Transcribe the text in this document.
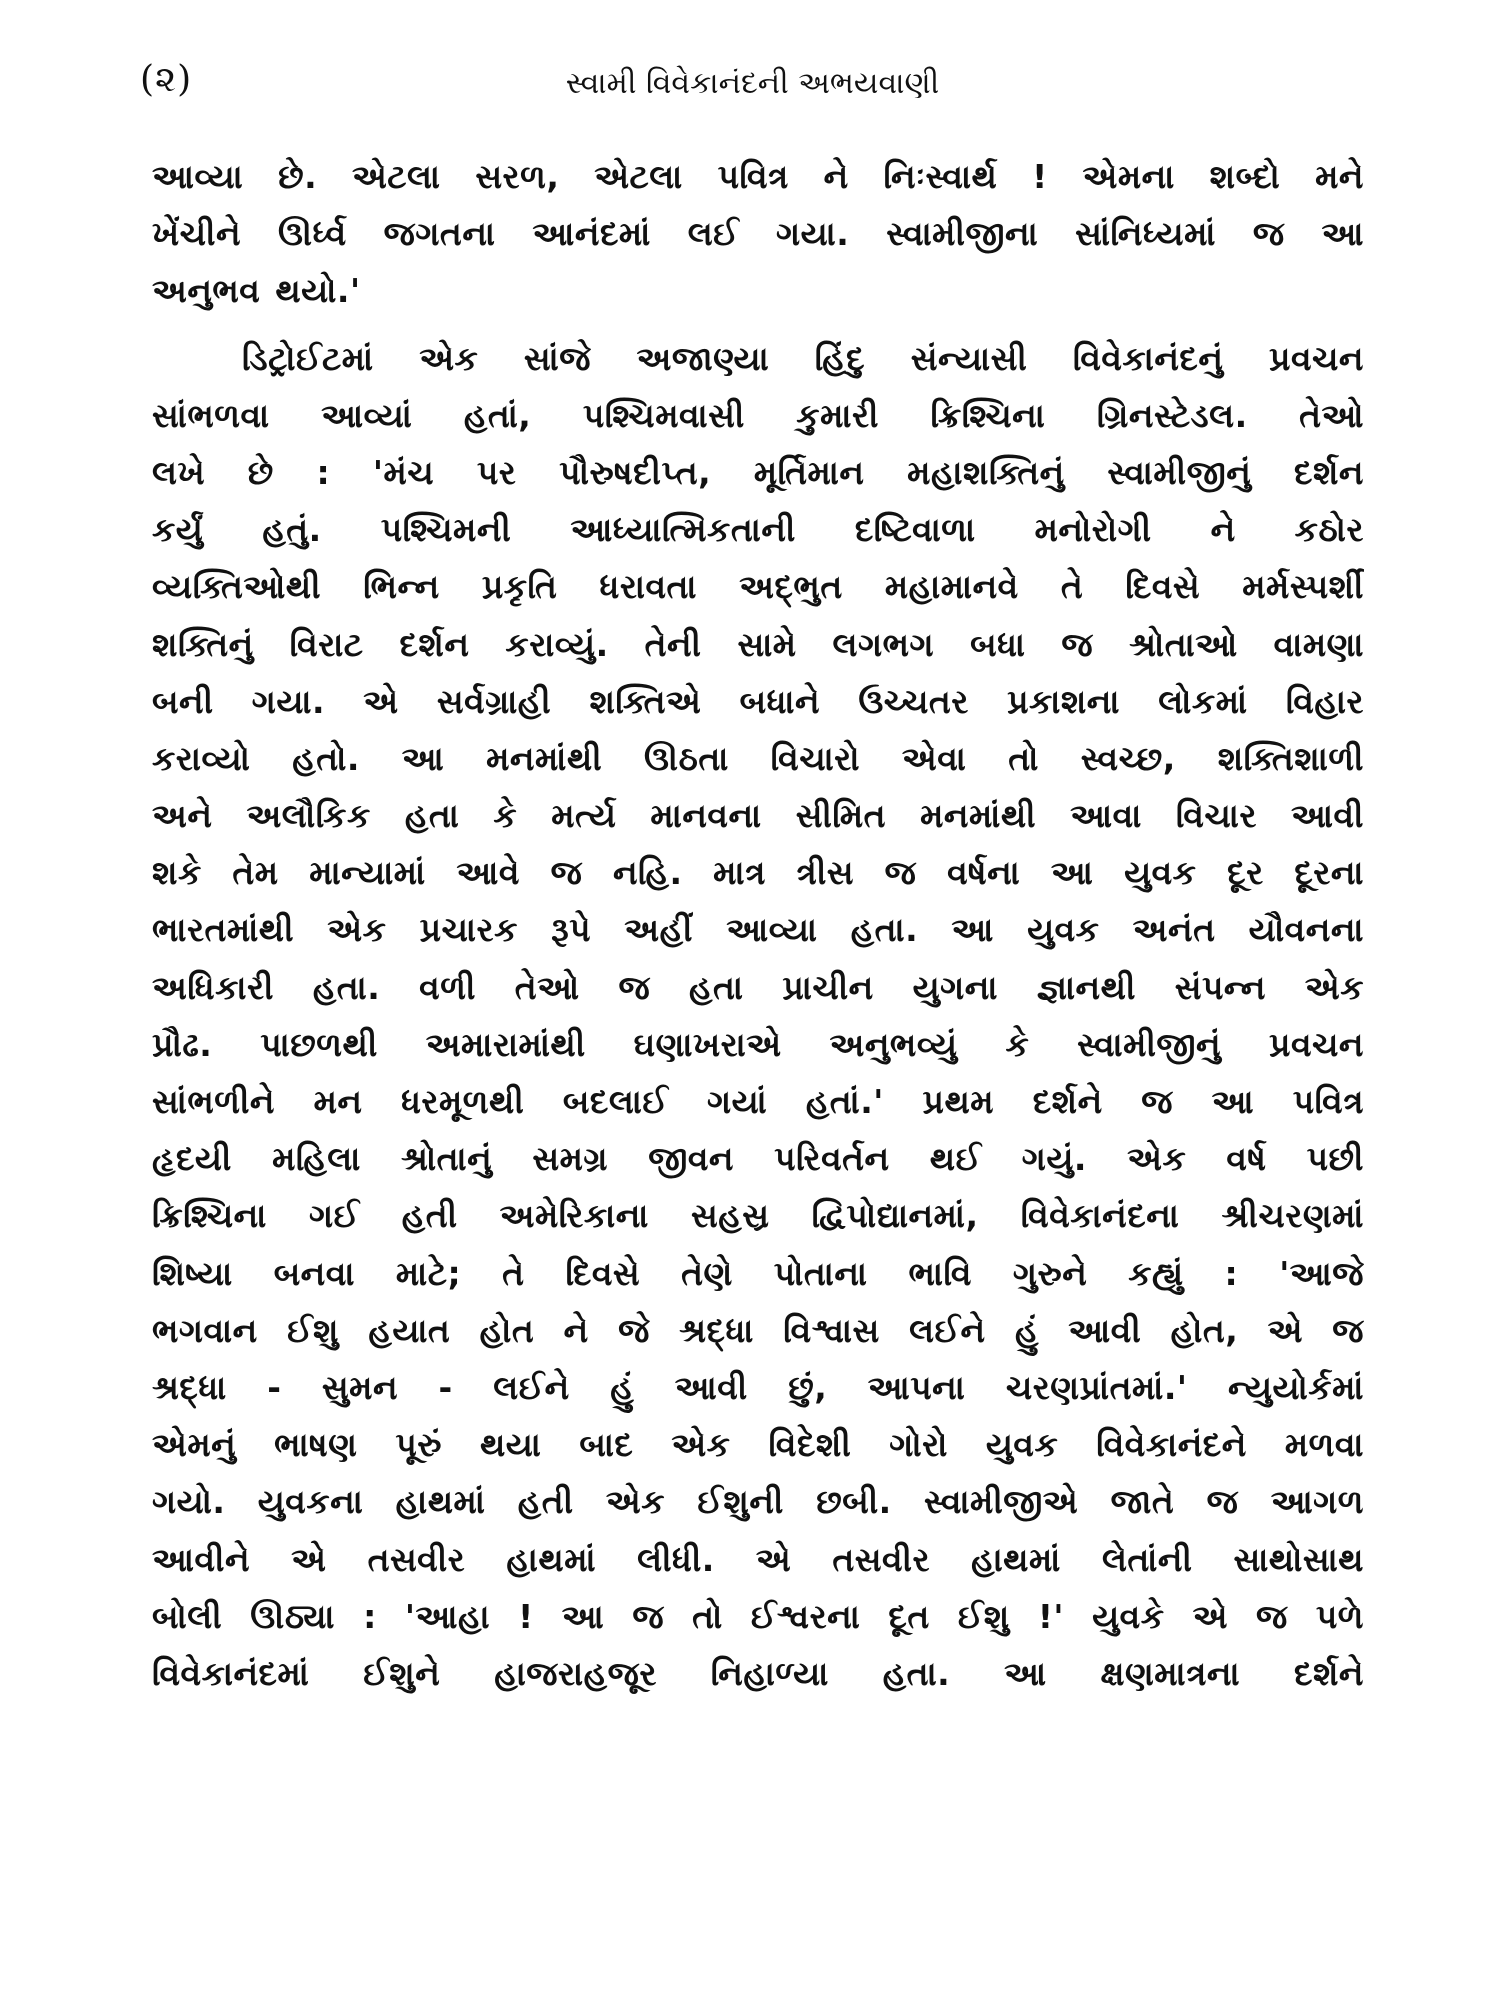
(૨)	સ્વામી વિવેકાનંદની અભયવાણી
આવ્યા છે. એટલા સરળ, એટલા પવિત્ર ને નિઃસ્વાર્થ ! એમના શબ્દો મને
ખેંચીને ઊર્ધ્વ જગતના આનંદમાં લઈ ગયા. સ્વામીજીના સાંનિધ્યમાં જ આ
અનુભવ થયો.'
ડિટ્રોઈટમાં એક સાંજે અજાણ્યા હિંદુ સંન્યાસી વિવેકાનંદનું પ્રવચન
સાંભળવા આવ્યાં હતાં, પશ્ચિમવાસી કુમારી ક્રિશ્ચિના ગ્રિનસ્ટેડલ. તેઓ
લખે છે : 'મંચ પર પૌરુષદીપ્ત, મૂર્તિમાન મહાશક્તિનું સ્વામીજીનું દર્શન
કર્યું હતું. પશ્ચિમની આધ્યાત્મિકતાની દષ્ટિવાળા મનોરોગી ને કઠોર
વ્યક્તિઓથી ભિન્ન પ્રકૃતિ ધરાવતા અદ્ભુત મહામાનવે તે દિવસે મર્મસ્પર્શી
શક્તિનું વિરાટ દર્શન કરાવ્યું. તેની સામે લગભગ બધા જ શ્રોતાઓ વામણા
બની ગયા. એ સર્વગ્રાહી શક્તિએ બધાને ઉચ્ચતર પ્રકાશના લોકમાં વિહાર
કરાવ્યો હતો. આ મનમાંથી ઊઠતા વિચારો એવા તો સ્વચ્છ, શક્તિશાળી
અને અલૌકિક હતા કે મર્ત્ય માનવના સીમિત મનમાંથી આવા વિચાર આવી
શકે તેમ માન્યામાં આવે જ નહિ. માત્ર ત્રીસ જ વર્ષના આ યુવક દૂર દૂરના
ભારતમાંથી એક પ્રચારક રૂપે અહીં આવ્યા હતા. આ યુવક અનંત યૌવનના
અધિકારી હતા. વળી તેઓ જ હતા પ્રાચીન યુગના જ્ઞાનથી સંપન્ન એક
પ્રૌઢ. પાછળથી અમારામાંથી ઘણાખરાએ અનુભવ્યું કે સ્વામીજીનું પ્રવચન
સાંભળીને મન ધરમૂળથી બદલાઈ ગયાં હતાં.' પ્રથમ દર્શને જ આ પવિત્ર
હૃદયી મહિલા શ્રોતાનું સમગ્ર જીવન પરિવર્તન થઈ ગયું. એક વર્ષ પછી
ક્રિશ્ચિના ગઈ હતી અમેરિકાના સહસ્ર દ્વિપોદ્યાનમાં, વિવેકાનંદના શ્રીચરણમાં
શિષ્યા બનવા માટે; તે દિવસે તેણે પોતાના ભાવિ ગુરુને કહ્યું : 'આજે
ભગવાન ઈશુ હયાત હોત ને જે શ્રદ્ધા વિશ્વાસ લઈને હું આવી હોત, એ જ
શ્રદ્ધા - સુમન - લઈને હું આવી છું, આપના ચરણપ્રાંતમાં.' ન્યુયોર્કમાં
એમનું ભાષણ પૂરું થયા બાદ એક વિદેશી ગોરો યુવક વિવેકાનંદને મળવા
ગયો. યુવકના હાથમાં હતી એક ઈશુની છબી. સ્વામીજીએ જાતે જ આગળ
આવીને એ તસવીર હાથમાં લીધી. એ તસવીર હાથમાં લેતાંની સાથોસાથ
બોલી ઊઠ્યા : 'આહા ! આ જ તો ઈશ્વરના દૂત ઈશુ !' યુવકે એ જ પળે
વિવેકાનંદમાં ઈશુને હાજરાહજૂર નિહાળ્યા હતા. આ ક્ષણમાત્રના દર્શને
